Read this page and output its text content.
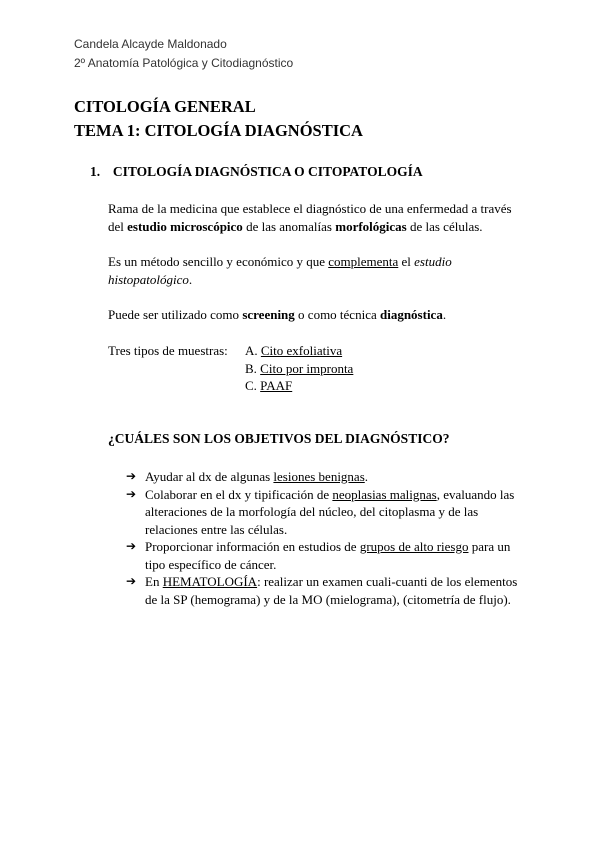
Candela Alcayde Maldonado
2º Anatomía Patológica y Citodiagnóstico
CITOLOGÍA GENERAL
TEMA 1: CITOLOGÍA DIAGNÓSTICA
1. CITOLOGÍA DIAGNÓSTICA O CITOPATOLOGÍA

Rama de la medicina que establece el diagnóstico de una enfermedad a través del estudio microscópico de las anomalías morfológicas de las células.

Es un método sencillo y económico y que complementa el estudio histopatológico.

Puede ser utilizado como screening o como técnica diagnóstica.

Tres tipos de muestras: A. Cito exfoliativa
B. Cito por impronta
C. PAAF
¿CUÁLES SON LOS OBJETIVOS DEL DIAGNÓSTICO?
➔ Ayudar al dx de algunas lesiones benignas.
➔ Colaborar en el dx y tipificación de neoplasias malignas, evaluando las alteraciones de la morfología del núcleo, del citoplasma y de las relaciones entre las células.
➔ Proporcionar información en estudios de grupos de alto riesgo para un tipo específico de cáncer.
➔ En HEMATOLOGÍA: realizar un examen cuali-cuanti de los elementos de la SP (hemograma) y de la MO (mielograma), (citometría de flujo).
